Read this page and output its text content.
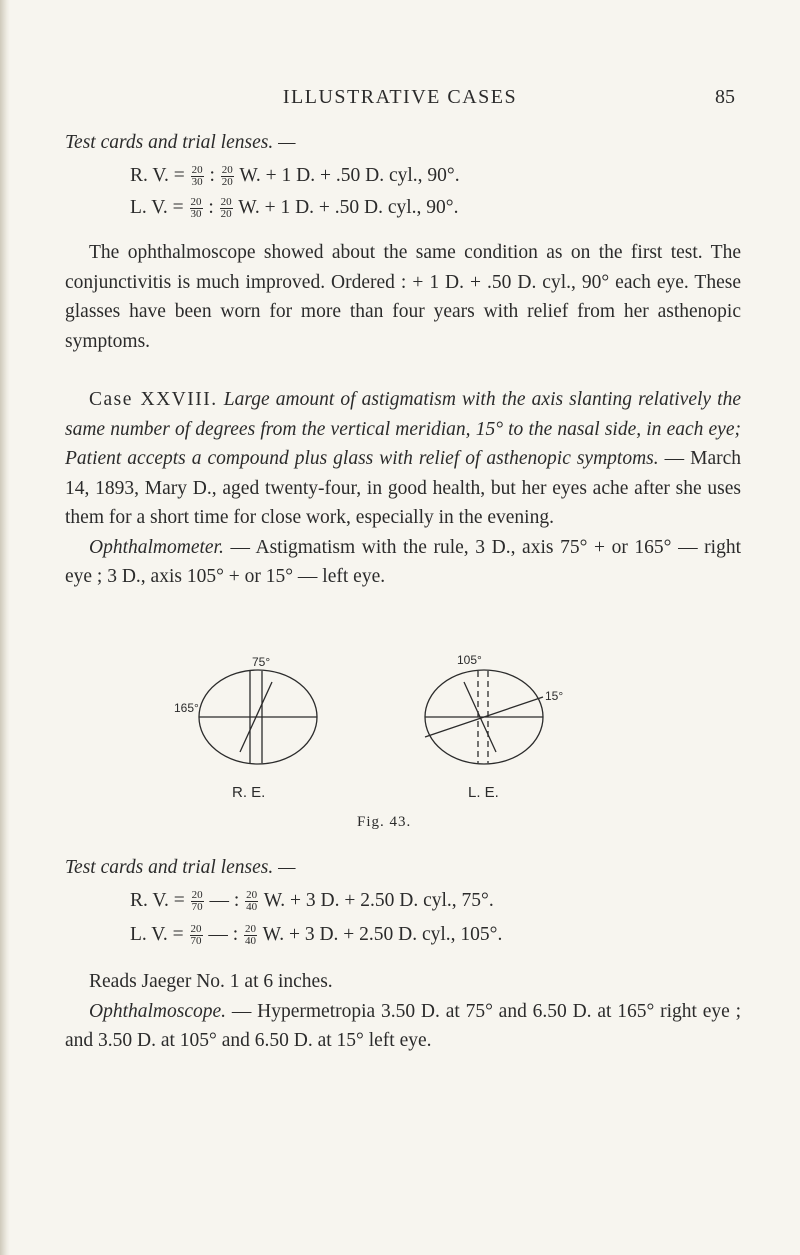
ILLUSTRATIVE CASES	85
Test cards and trial lenses. —
R. V. = $\frac{20}{30}$ : $\frac{20}{20} W$. + 1 D. + .50 D. cyl., 90°.
L. V. = $\frac{20}{30}$ : $\frac{20}{20} W$. + 1 D. + .50 D. cyl., 90°.

The ophthalmoscope showed about the same condition as on the first test. The conjunctivitis is much improved. Ordered : + 1 D. + .50 D. cyl., 90° each eye. These glasses have been worn for more than four years with relief from her asthenopic symptoms.

Case XXVIII. Large amount of astigmatism with the axis slanting relatively the same number of degrees from the vertical meridian, 15° to the nasal side, in each eye; Patient accepts a compound plus glass with relief of asthenopic symptoms. — March 14, 1893, Mary D., aged twenty-four, in good health, but her eyes ache after she uses them for a short time for close work, especially in the evening.

Ophthalmometer. — Astigmatism with the rule, 3 D., axis 75° + or 165° — right eye ; 3 D., axis 105° + or 15° — left eye.

75°
165°
R. E.
105°
15°
L. E.
Fig. 43.
Test cards and trial lenses. —
R. V. = $\frac{20}{70}$ — : $\frac{20}{40} W$. + 3 D. + 2.50 D. cyl., 75°.
L. V. = $\frac{20}{70}$ — : $\frac{20}{40} W$. + 3 D. + 2.50 D. cyl., 105°.

Reads Jaeger No. 1 at 6 inches.

Ophthalmoscope. — Hypermetropia 3.50 D. at 75° and 6.50 D. at 165° right eye ; and 3.50 D. at 105° and 6.50 D. at 15° left eye.
